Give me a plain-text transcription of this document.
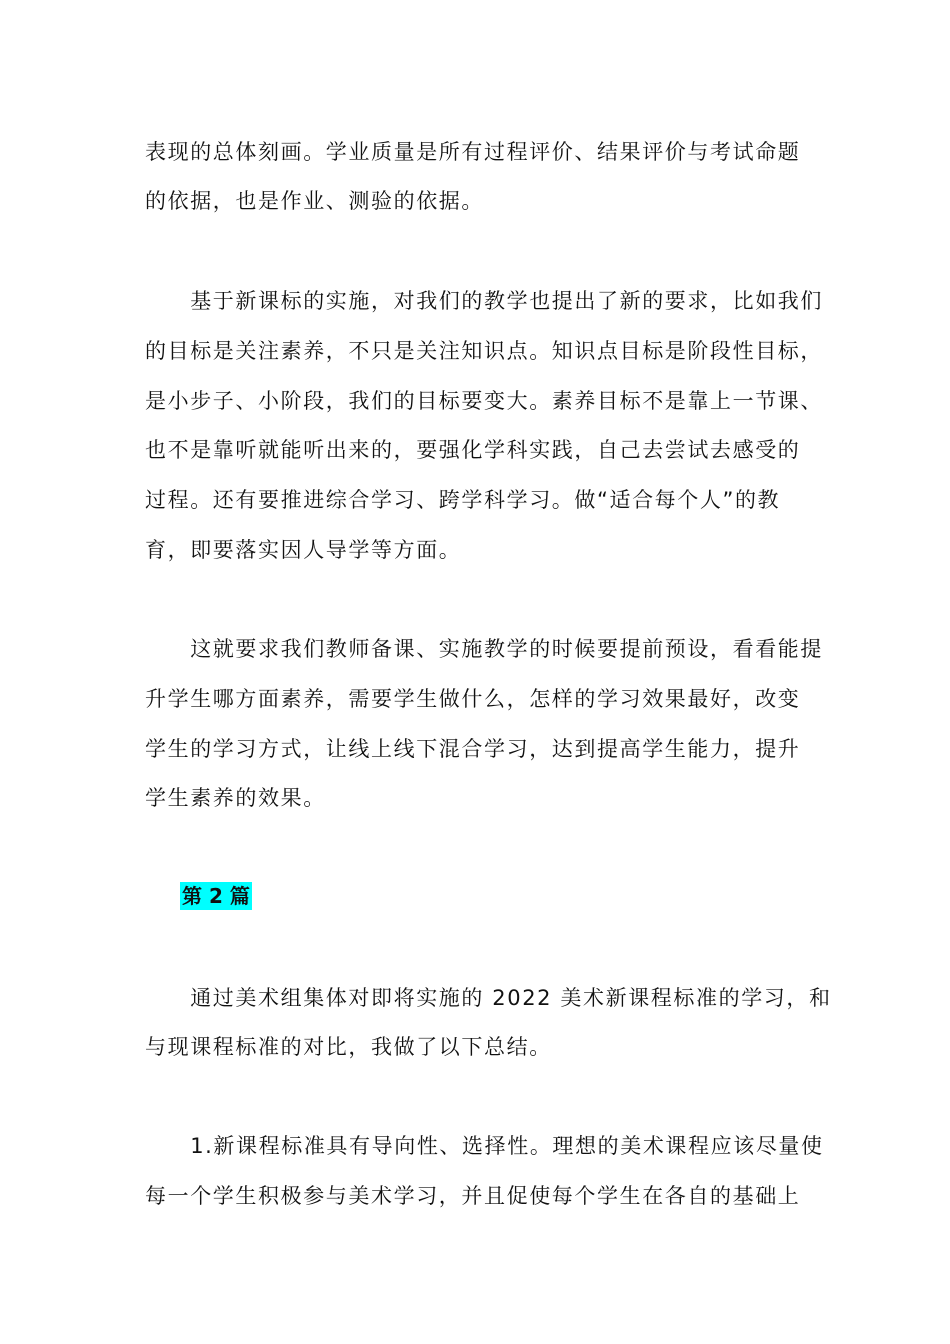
表现的总体刻画。学业质量是所有过程评价、结果评价与考试命题
的依据，也是作业、测验的依据。
　　基于新课标的实施，对我们的教学也提出了新的要求，比如我们
的目标是关注素养，不只是关注知识点。知识点目标是阶段性目标，
是小步子、小阶段，我们的目标要变大。素养目标不是靠上一节课、
也不是靠听就能听出来的，要强化学科实践，自己去尝试去感受的
过程。还有要推进综合学习、跨学科学习。做“适合每个人”的教
育，即要落实因人导学等方面。
　　这就要求我们教师备课、实施教学的时候要提前预设，看看能提
升学生哪方面素养，需要学生做什么，怎样的学习效果最好，改变
学生的学习方式，让线上线下混合学习，达到提高学生能力，提升
学生素养的效果。
第 2 篇
　　通过美术组集体对即将实施的 2022 美术新课程标准的学习，和
与现课程标准的对比，我做了以下总结。
　　1.新课程标准具有导向性、选择性。理想的美术课程应该尽量使
每一个学生积极参与美术学习，并且促使每个学生在各自的基础上
